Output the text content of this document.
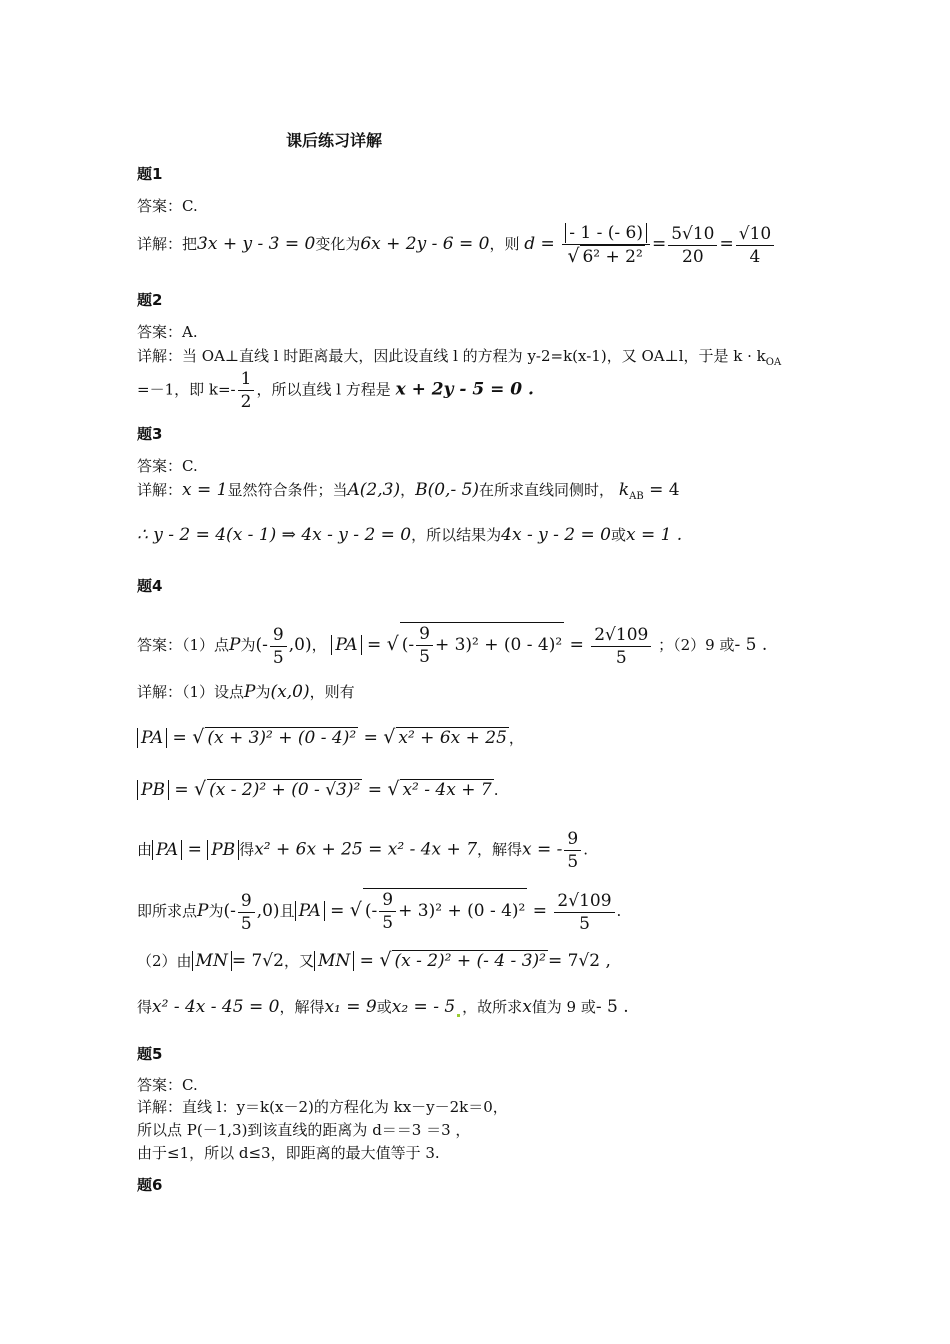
课后练习详解
题1
答案：C.
详解：把3x + y - 3 = 0变化为6x + 2y - 6 = 0，则 $d = \frac{- 1 - (- 6)}{\text{√ 6² + 2²}} = \frac{5√10}{20} = \frac{√10}{4}$
题2
答案：A.
详解：当 OA⊥直线 l 时距离最大，因此设直线 l 的方程为 y-2=k(x-1)，又 OA⊥l，于是 $k \cdot k_{OA}$
=－1，即 $k=- \frac{1}{2}$ ，所以直线 l 方程是 x + 2y - 5 = 0 .
题3
答案：C.
详解：x = 1显然符合条件；当A(2,3)，B(0,- 5)在所求直线同侧时， $k_{AB} = 4$
∴ y - 2 = 4(x - 1) ⇒ 4x - y - 2 = 0，所以结果为4x - y - 2 = 0或x = 1 .
题4
答案：（1）点P为(- $\frac{9}{5} ,0$)， PA = √ (- $\frac{9}{5} + 3)^2 + (0 - 4)^2 = \frac{2√109}{5}$ ；（2）9 或- 5 .
详解：（1）设点P为(x,0)，则有
PA = √ (x + 3)² + (0 - 4)² = √ x² + 6x + 25 ，
PB = √ (x - 2)² + (0 - √3)² = √ x² - 4x + 7 .
由 PA = PB 得x² + 6x + 25 = x² - 4x + 7，解得x = - $\frac{9}{5}$ .
即所求点P为(- $\frac{9}{5} ,0$)且 PA = √ (- $\frac{9}{5} + 3)^2 + (0 - 4)^2 = \frac{2√109}{5}$ .
（2）由 MN = 7√2，又 MN = √ (x - 2)² + (- 4 - 3)² = 7√2 ,
得x² - 4x - 45 = 0，解得x₁ = 9或x₂ = - 5 ，故所求x值为 9 或- 5 .
题5
答案：C.
详解：直线 l：y＝k(x－2)的方程化为 kx－y－2k＝0，
所以点 P(－1,3)到该直线的距离为 d＝＝3 ＝3 ，
由于≤1，所以 d≤3，即距离的最大值等于 3.
题6
